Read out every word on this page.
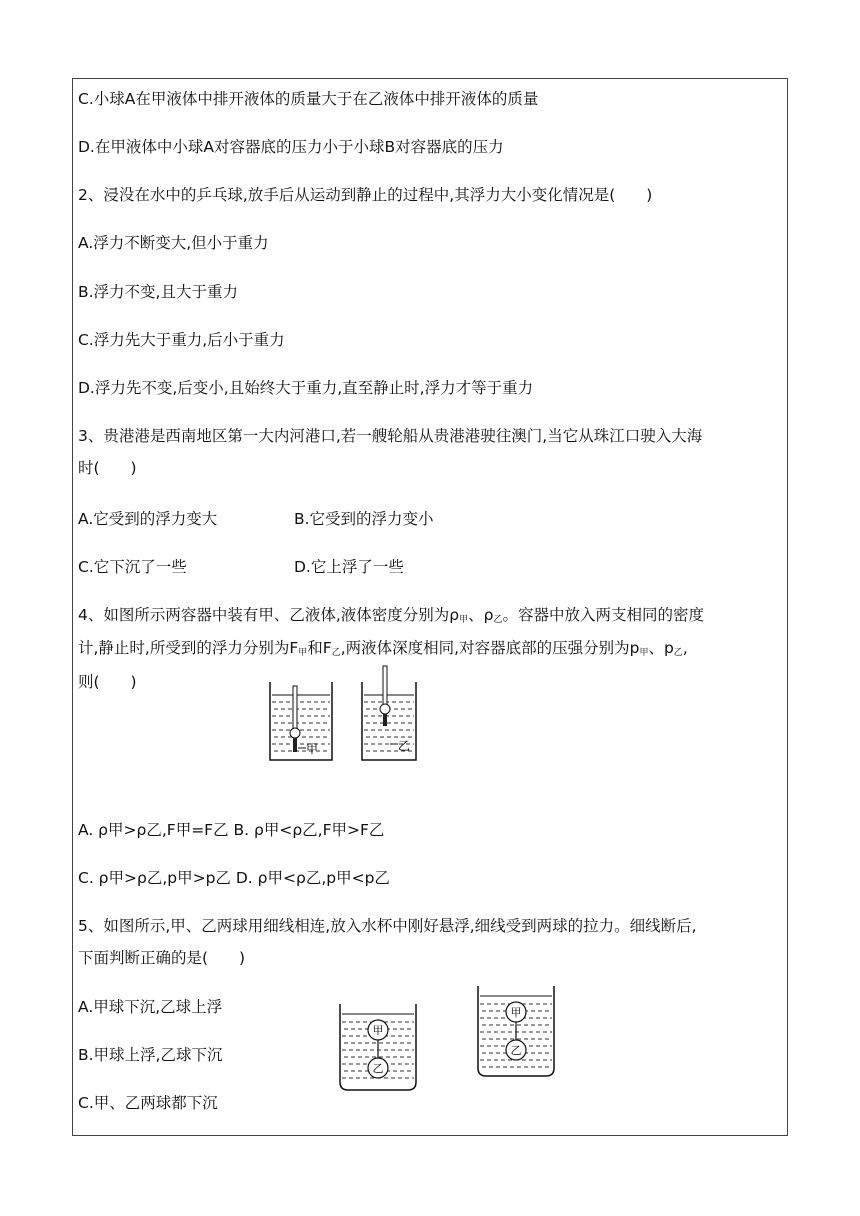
C.小球A在甲液体中排开液体的质量大于在乙液体中排开液体的质量
D.在甲液体中小球A对容器底的压力小于小球B对容器底的压力
2、浸没在水中的乒乓球,放手后从运动到静止的过程中,其浮力大小变化情况是(　　)
A.浮力不断变大,但小于重力
B.浮力不变,且大于重力
C.浮力先大于重力,后小于重力
D.浮力先不变,后变小,且始终大于重力,直至静止时,浮力才等于重力
3、贵港港是西南地区第一大内河港口,若一艘轮船从贵港港驶往澳门,当它从珠江口驶入大海
时(　　)
A.它受到的浮力变大	B.它受到的浮力变小
C.它下沉了一些	D.它上浮了一些
4、如图所示两容器中装有甲、乙液体,液体密度分别为$\rho_甲$、$\rho_乙$。容器中放入两支相同的密度
计,静止时,所受到的浮力分别为$F_甲$和$F_乙$,两液体深度相同,对容器底部的压强分别为$p_甲$、$p_乙$,
则(　　)
甲	乙
A. ρ甲>ρ乙,F甲=F乙 B. ρ甲<ρ乙,F甲>F乙
C. ρ甲>ρ乙,p甲>p乙 D. ρ甲<ρ乙,p甲<p乙
5、如图所示,甲、乙两球用细线相连,放入水杯中刚好悬浮,细线受到两球的拉力。细线断后,
下面判断正确的是(　　)
A.甲球下沉,乙球上浮
B.甲球上浮,乙球下沉
C.甲、乙两球都下沉
甲
乙
甲
乙
